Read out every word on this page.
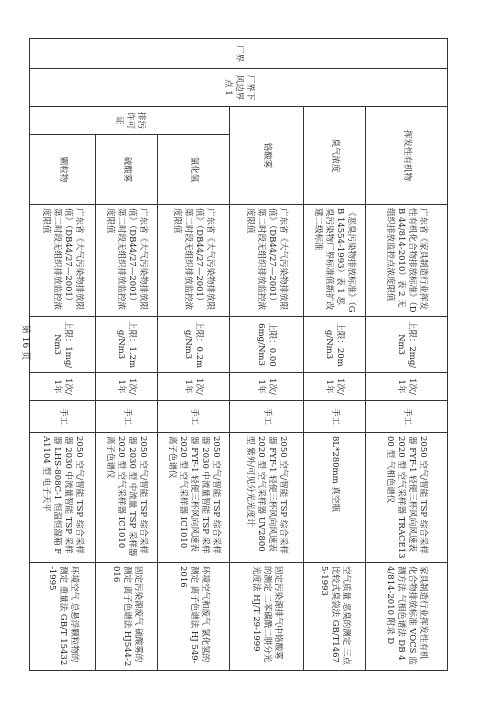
厂界	厂界下风边界点 1	挥发性有机物		广东省《家具制造行业挥发性有机化合物排放标准》（DB 44/814-2010）表 2 无组织排放监控点浓度限值	上限：2mg/Nm3	1次/1年	手工	2050 空气/智能 TSP 综合采样器 FYF-1 轻便三杯风向风速表 2020 型 空气采样器 TRACE1300 型 气相色谱仪	家具制造行业挥发性有机化合物排放标准 VOCS 监测方法 气相色谱法 DB 44/814-2010 附录 D
		臭气浓度		《恶臭污染物排放标准》（GB 14554-1993）表 1 恶臭污染物厂界标准值新扩改建二级标准	上限：20mg/Nm3	1次/1年	手工	8L*280mm 真空瓶	空气质量 恶臭的测定 三点比较式臭袋法 GB/T14675-1993
		铬酸雾		广东省《大气污染物排放限值》（DB44/27—2001）第二时段无组织排放监控浓度限值	上限：0.006mg/Nm3	1次/1年	手工	2050 空气/智能 TSP 综合采样器 FYF-1 轻便三杯风向风速表 2020 型 空气采样器 UV2800 型 紫外/可见分光光度计	固定污染源排气中铬酸雾的测定 二苯碳酰二肼分光光度法 HJ/T 29-1999
		排污许可证	氯化氢	广东省《大气污染物排放限值》（DB44/27—2001）第二时段无组织排放监控浓度限值	上限：0.2mg/Nm3	1次/1年	手工	2050 空气/智能 TSP 综合采样器 2030 中流量智能 TSP 采样器 FYF-1 轻便三杯风向风速表 2020 型 空气采样器 IC1010 离子色谱仪	环境空气和废气 氯化氢的测定 离子色谱法 HJ 549-2016
			硫酸雾	广东省《大气污染物排放限值》（DB44/27—2001）第二时段无组织排放监控浓度限值	上限：1.2mg/Nm3	1次/1年	手工	2050 空气/智能 TSP 综合采样器 2030 型 中流量 TSP 采样器 2020 型 空气采样器 IC1010 离子色谱仪	固定污染源废气 硫酸雾的测定 离子色谱法 HJ544-2016
			颗粒物	广东省《大气污染物排放限值》（DB44/27—2001）第二时段无组织排放监控浓度限值	上限：1mg/Nm3	1次/1年	手工	2050 空气/智能 TSP 综合采样器 2030 中流量智能 TSP 采样器 LHS-808C-1 恒温恒湿箱 FA1104 型 电子天平	环境空气 总悬浮颗粒物的测定 重量法 GB/T 15432-1995
第 16 页
